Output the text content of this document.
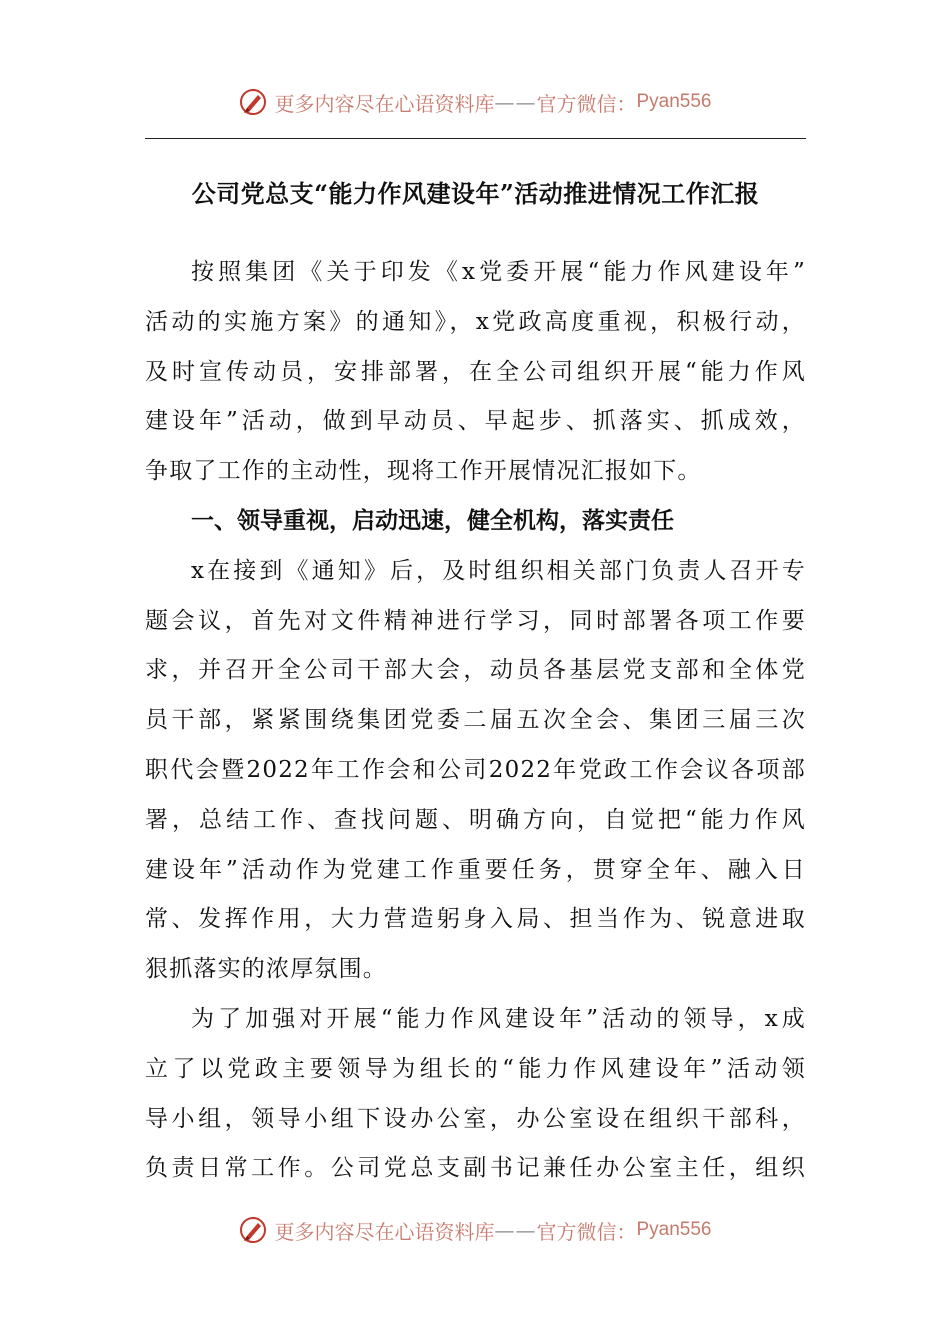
更多内容尽在心语资料库 —— 官方微信： Pyan556
公司党总支“能力作风建设年”活动推进情况工作汇报

按照集团《关于印发《x党委开展“能力作风建设年”
活动的实施方案》的通知》，x党政高度重视，积极行动，
及时宣传动员，安排部署，在全公司组织开展“能力作风
建设年”活动，做到早动员、早起步、抓落实、抓成效，
争取了工作的主动性，现将工作开展情况汇报如下。

一、领导重视，启动迅速，健全机构，落实责任

x在接到《通知》后，及时组织相关部门负责人召开专
题会议，首先对文件精神进行学习，同时部署各项工作要
求，并召开全公司干部大会，动员各基层党支部和全体党
员干部，紧紧围绕集团党委二届五次全会、集团三届三次
职代会暨2022年工作会和公司2022年党政工作会议各项部
署，总结工作、查找问题、明确方向，自觉把“能力作风
建设年”活动作为党建工作重要任务，贯穿全年、融入日
常、发挥作用，大力营造躬身入局、担当作为、锐意进取
狠抓落实的浓厚氛围。

为了加强对开展“能力作风建设年”活动的领导，x成
立了以党政主要领导为组长的“能力作风建设年”活动领
导小组，领导小组下设办公室，办公室设在组织干部科，
负责日常工作。公司党总支副书记兼任办公室主任，组织

更多内容尽在心语资料库 —— 官方微信： Pyan556
